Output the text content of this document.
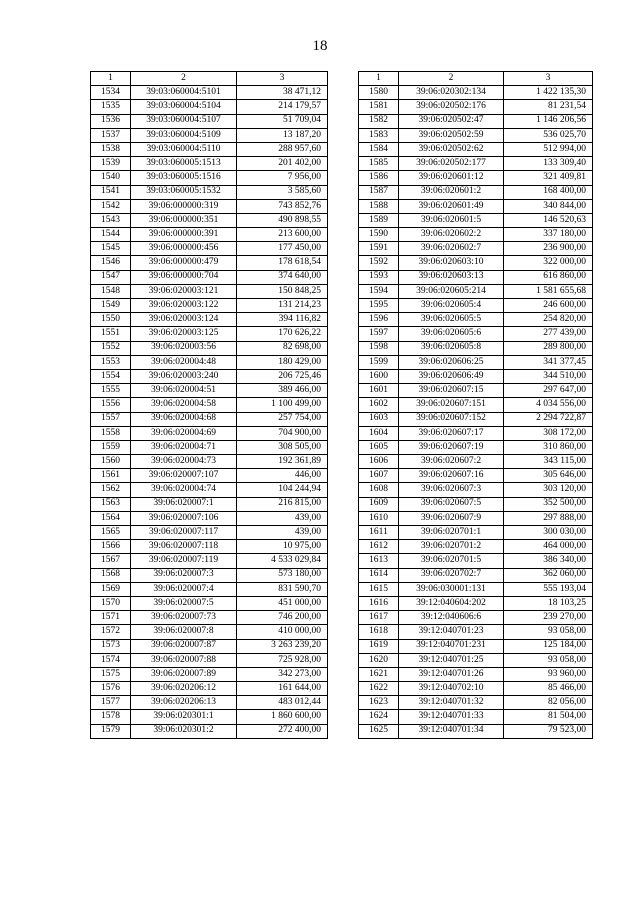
18
1	2	3
1534	39:03:060004:5101	38 471,12
1535	39:03:060004:5104	214 179,57
1536	39:03:060004:5107	51 709,04
1537	39:03:060004:5109	13 187,20
1538	39:03:060004:5110	288 957,60
1539	39:03:060005:1513	201 402,00
1540	39:03:060005:1516	7 956,00
1541	39:03:060005:1532	3 585,60
1542	39:06:000000:319	743 852,76
1543	39:06:000000:351	490 898,55
1544	39:06:000000:391	213 600,00
1545	39:06:000000:456	177 450,00
1546	39:06:000000:479	178 618,54
1547	39:06:000000:704	374 640,00
1548	39:06:020003:121	150 848,25
1549	39:06:020003:122	131 214,23
1550	39:06:020003:124	394 116,82
1551	39:06:020003:125	170 626,22
1552	39:06:020003:56	82 698,00
1553	39:06:020004:48	180 429,00
1554	39:06:020003:240	206 725,46
1555	39:06:020004:51	389 466,00
1556	39:06:020004:58	1 100 499,00
1557	39:06:020004:68	257 754,00
1558	39:06:020004:69	704 900,00
1559	39:06:020004:71	308 505,00
1560	39:06:020004:73	192 361,89
1561	39:06:020007:107	446,00
1562	39:06:020004:74	104 244,94
1563	39:06:020007:1	216 815,00
1564	39:06:020007:106	439,00
1565	39:06:020007:117	439,00
1566	39:06:020007:118	10 975,00
1567	39:06:020007:119	4 533 029,84
1568	39:06:020007:3	573 180,00
1569	39:06:020007:4	831 590,70
1570	39:06:020007:5	451 000,00
1571	39:06:020007:73	746 200,00
1572	39:06:020007:8	410 000,00
1573	39:06:020007:87	3 263 239,20
1574	39:06:020007:88	725 928,00
1575	39:06:020007:89	342 273,00
1576	39:06:020206:12	161 644,00
1577	39:06:020206:13	483 012,44
1578	39:06:020301:1	1 860 600,00
1579	39:06:020301:2	272 400,00
1	2	3
1580	39:06:020302:134	1 422 135,30
1581	39:06:020502:176	81 231,54
1582	39:06:020502:47	1 146 206,56
1583	39:06:020502:59	536 025,70
1584	39:06:020502:62	512 994,00
1585	39:06:020502:177	133 309,40
1586	39:06:020601:12	321 409,81
1587	39:06:020601:2	168 400,00
1588	39:06:020601:49	340 844,00
1589	39:06:020601:5	146 520,63
1590	39:06:020602:2	337 180,00
1591	39:06:020602:7	236 900,00
1592	39:06:020603:10	322 000,00
1593	39:06:020603:13	616 860,00
1594	39:06:020605:214	1 581 655,68
1595	39:06:020605:4	246 600,00
1596	39:06:020605:5	254 820,00
1597	39:06:020605:6	277 439,00
1598	39:06:020605:8	289 800,00
1599	39:06:020606:25	341 377,45
1600	39:06:020606:49	344 510,00
1601	39:06:020607:15	297 647,00
1602	39:06:020607:151	4 034 556,00
1603	39:06:020607:152	2 294 722,87
1604	39:06:020607:17	308 172,00
1605	39:06:020607:19	310 860,00
1606	39:06:020607:2	343 115,00
1607	39:06:020607:16	305 646,00
1608	39:06:020607:3	303 120,00
1609	39:06:020607:5	352 500,00
1610	39:06:020607:9	297 888,00
1611	39:06:020701:1	300 030,00
1612	39:06:020701:2	464 000,00
1613	39:06:020701:5	386 340,00
1614	39:06:020702:7	362 060,00
1615	39:06:030001:131	555 193,04
1616	39:12:040604:202	18 103,25
1617	39:12:040606:6	239 270,00
1618	39:12:040701:23	93 058,00
1619	39:12:040701:231	125 184,00
1620	39:12:040701:25	93 058,00
1621	39:12:040701:26	93 960,00
1622	39:12:040702:10	85 466,00
1623	39:12:040701:32	82 056,00
1624	39:12:040701:33	81 504,00
1625	39:12:040701:34	79 523,00
